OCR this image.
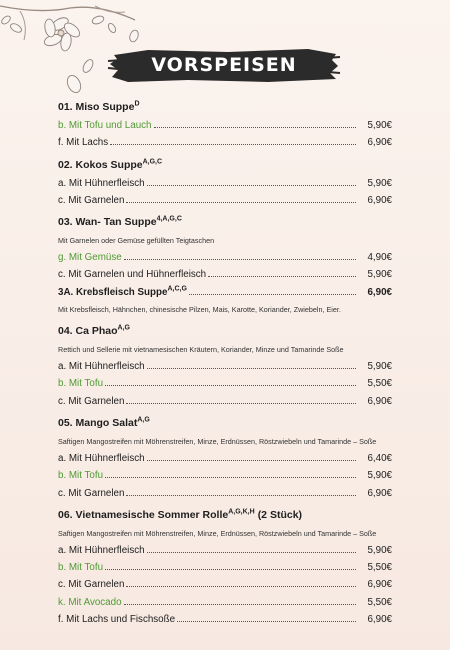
VORSPEISEN
01. Miso Suppe$^D$
b. Mit Tofu und Lauch	5,90€
f. Mit Lachs	6,90€
02. Kokos Suppe$^{A,G,C}$
a. Mit Hühnerfleisch	5,90€
c. Mit Garnelen	6,90€
03. Wan- Tan Suppe$^{4,A,G,C}$
Mit Garnelen oder Gemüse gefüllten Teigtaschen
g. Mit Gemüse	4,90€
c. Mit Garnelen und Hühnerfleisch	5,90€
3A. Krebsfleisch Suppe$^{A,C,G}$	6,90€
Mit Krebsfleisch, Hähnchen, chinesische Pilzen, Mais, Karotte, Koriander, Zwiebeln, Eier.
04. Ca Phao$^{A,G}$
Rettich und Sellerie mit vietnamesischen Kräutern, Koriander, Minze und Tamarinde Soße
a. Mit Hühnerfleisch	5,90€
b. Mit Tofu	5,50€
c. Mit Garnelen	6,90€
05. Mango Salat$^{A,G}$
Saftigen Mangostreifen mit Möhrenstreifen, Minze, Erdnüssen, Röstzwiebeln und Tamarinde – Soße
a. Mit Hühnerfleisch	6,40€
b. Mit Tofu	5,90€
c. Mit Garnelen	6,90€
06. Vietnamesische Sommer Rolle$^{A,G,K,H}$ (2 Stück)
Saftigen Mangostreifen mit Möhrenstreifen, Minze, Erdnüssen, Röstzwiebeln und Tamarinde – Soße
a. Mit Hühnerfleisch	5,90€
b. Mit Tofu	5,50€
c. Mit Garnelen	6,90€
k. Mit Avocado	5,50€
f. Mit Lachs und Fischsoße	6,90€
